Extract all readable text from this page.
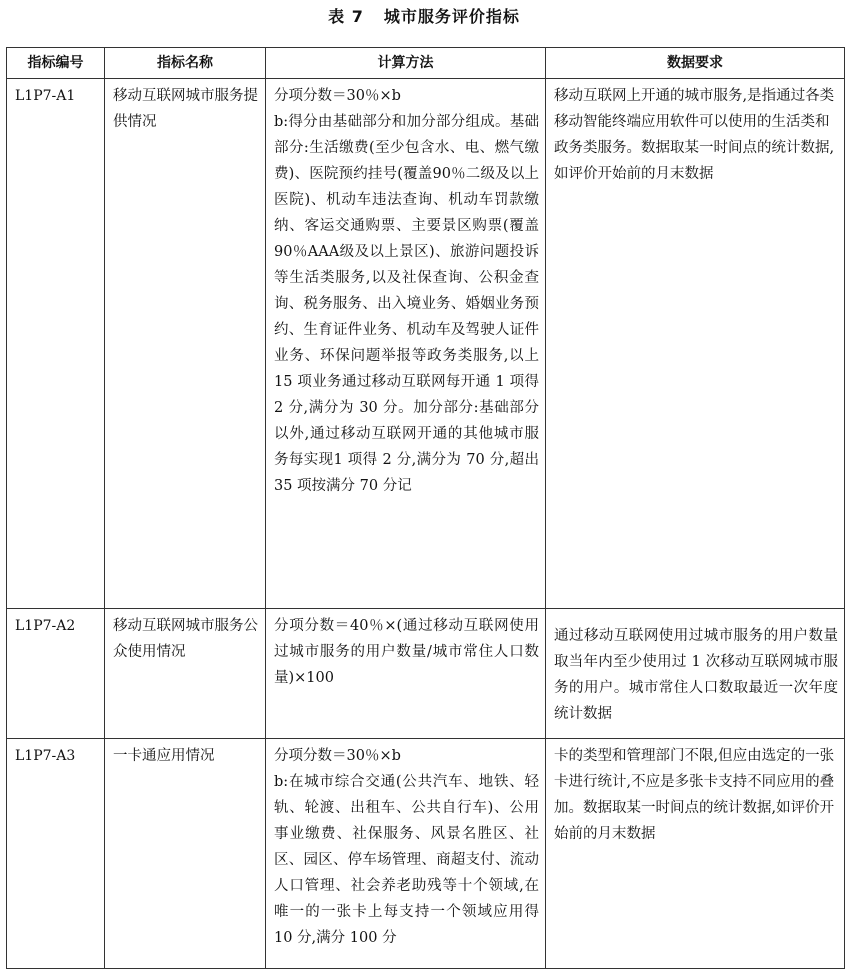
表 7 城市服务评价指标
指标编号	指标名称	计算方法	数据要求
L1P7-A1	移动互联网城市服务提供情况	分项分数＝30％×b
b:得分由基础部分和加分部分组成。基础部分:生活缴费(至少包含水、电、燃气缴费)、医院预约挂号(覆盖90％二级及以上医院)、机动车违法查询、机动车罚款缴纳、客运交通购票、主要景区购票(覆盖90％AAA级及以上景区)、旅游问题投诉等生活类服务,以及社保查询、公积金查询、税务服务、出入境业务、婚姻业务预约、生育证件业务、机动车及驾驶人证件业务、环保问题举报等政务类服务,以上 15 项业务通过移动互联网每开通 1 项得 2 分,满分为 30 分。加分部分:基础部分以外,通过移动互联网开通的其他城市服务每实现1 项得 2 分,满分为 70 分,超出 35 项按满分 70 分记	移动互联网上开通的城市服务,是指通过各类移动智能终端应用软件可以使用的生活类和政务类服务。数据取某一时间点的统计数据,如评价开始前的月末数据
L1P7-A2	移动互联网城市服务公众使用情况	分项分数＝40％×(通过移动互联网使用过城市服务的用户数量/城市常住人口数量)×100	通过移动互联网使用过城市服务的用户数量取当年内至少使用过 1 次移动互联网城市服务的用户。城市常住人口数取最近一次年度统计数据

L1P7-A3	一卡通应用情况	分项分数＝30％×b
b:在城市综合交通(公共汽车、地铁、轻轨、轮渡、出租车、公共自行车)、公用事业缴费、社保服务、风景名胜区、社区、园区、停车场管理、商超支付、流动人口管理、社会养老助残等十个领域,在唯一的一张卡上每支持一个领域应用得 10 分,满分 100 分	卡的类型和管理部门不限,但应由选定的一张卡进行统计,不应是多张卡支持不同应用的叠加。数据取某一时间点的统计数据,如评价开始前的月末数据
